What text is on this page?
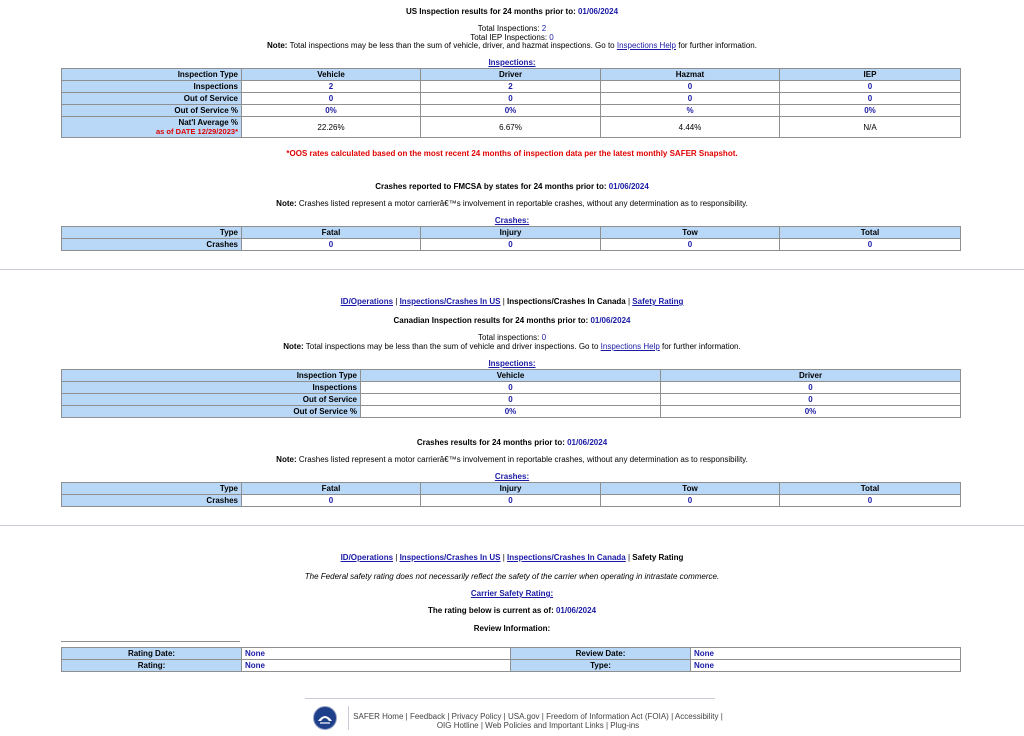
US Inspection results for 24 months prior to: 01/06/2024
Total Inspections: 2
Total IEP Inspections: 0
Note: Total inspections may be less than the sum of vehicle, driver, and hazmat inspections. Go to Inspections Help for further information.
Inspections:
Inspection Type	Vehicle	Driver	Hazmat	IEP
Inspections	2	2	0	0
Out of Service	0	0	0	0
Out of Service %	0%	0%	%	0%

Nat'l Average %
as of DATE 12/29/2023*	22.26%	6.67%	4.44%	N/A
*OOS rates calculated based on the most recent 24 months of inspection data per the latest monthly SAFER Snapshot.
Crashes reported to FMCSA by states for 24 months prior to: 01/06/2024
Note: Crashes listed represent a motor carrierâ€™s involvement in reportable crashes, without any determination as to responsibility.
Crashes:
Type	Fatal	Injury	Tow	Total
Crashes	0	0	0	0
ID/Operations | Inspections/Crashes In US | Inspections/Crashes In Canada | Safety Rating
Canadian Inspection results for 24 months prior to: 01/06/2024
Total inspections: 0
Note: Total inspections may be less than the sum of vehicle and driver inspections. Go to Inspections Help for further information.
Inspections:
Inspection Type	Vehicle	Driver
Inspections	0	0
Out of Service	0	0
Out of Service %	0%	0%
Crashes results for 24 months prior to: 01/06/2024
Note: Crashes listed represent a motor carrierâ€™s involvement in reportable crashes, without any determination as to responsibility.
Crashes:
Type	Fatal	Injury	Tow	Total
Crashes	0	0	0	0
ID/Operations | Inspections/Crashes In US | Inspections/Crashes In Canada | Safety Rating
The Federal safety rating does not necessarily reflect the safety of the carrier when operating in intrastate commerce.
Carrier Safety Rating:
The rating below is current as of: 01/06/2024
Review Information:
Rating Date:	None	Review Date:	None
Rating:	None	Type:	None
SAFER Home | Feedback | Privacy Policy | USA.gov | Freedom of Information Act (FOIA) | Accessibility |
OIG Hotline | Web Policies and Important Links | Plug-ins
